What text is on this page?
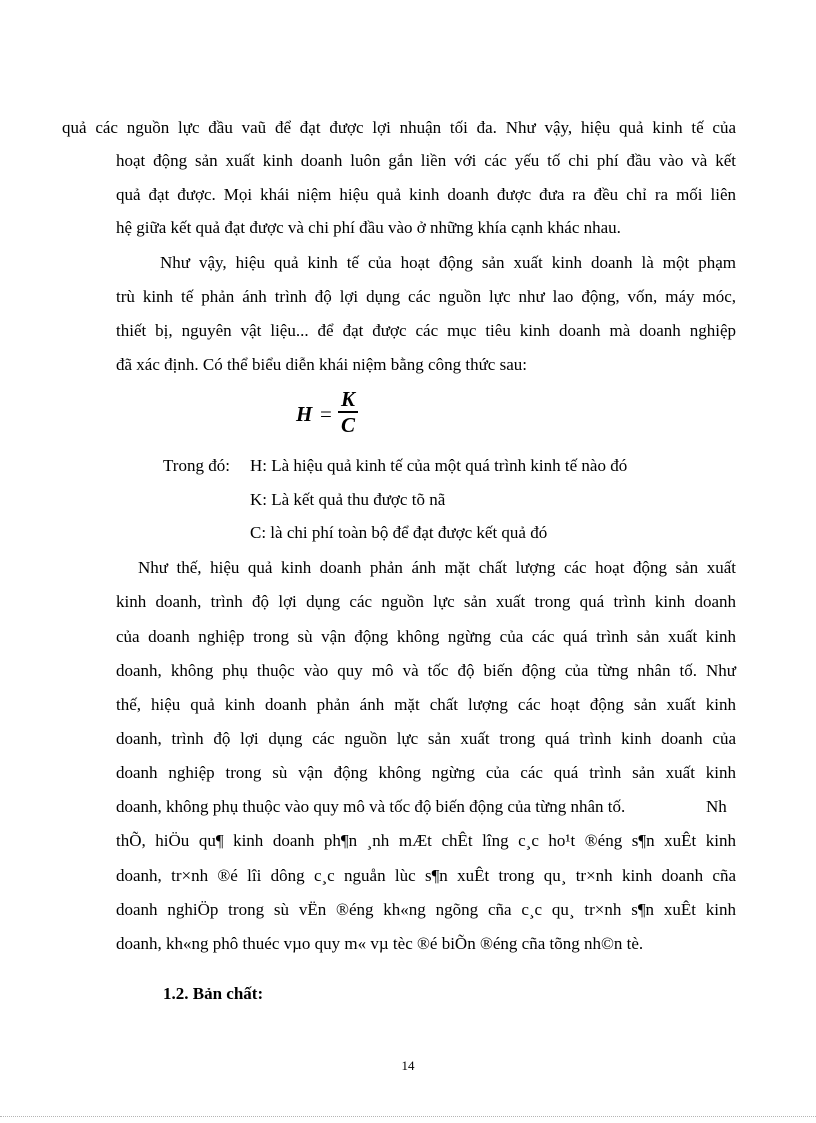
quả các nguồn lực đầu vaũ để đạt được lợi nhuận tối đa. Như vậy, hiệu quả kinh tế của
hoạt động sản xuất kinh doanh luôn gắn liền với các yếu tố chi phí đầu vào và kết
quả đạt được. Mọi khái niệm hiệu quả kinh doanh được đưa ra đều chỉ ra mối liên
hệ giữa kết quả đạt được và chi phí đầu vào ở những khía cạnh khác nhau.
Như vậy, hiệu quả kinh tế của hoạt động sản xuất kinh doanh là một phạm
trù kinh tế phản ánh trình độ lợi dụng các nguồn lực như lao động, vốn, máy móc,
thiết bị, nguyên vật liệu... để đạt được các mục tiêu kinh doanh mà doanh nghiệp
đã xác định. Có thể biểu diễn khái niệm bằng công thức sau:
H =
K
C
Trong đó: H: Là hiệu quả kinh tế của một quá trình kinh tế nào đó
K: Là kết quả thu được tõ nã
C: là chi phí toàn bộ để đạt được kết quả đó
Như thế, hiệu quả kinh doanh phản ánh mặt chất lượng các hoạt động sản xuất
kinh doanh, trình độ lợi dụng các nguồn lực sản xuất trong quá trình kinh doanh
của doanh nghiệp trong sù vận động không ngừng của các quá trình sản xuất kinh
doanh, không phụ thuộc vào quy mô và tốc độ biến động của từng nhân tố. Như
thế, hiệu quả kinh doanh phản ánh mặt chất lượng các hoạt động sản xuất kinh
doanh, trình độ lợi dụng các nguồn lực sản xuất trong quá trình kinh doanh của
doanh nghiệp trong sù vận động không ngừng của các quá trình sản xuất kinh
doanh, không phụ thuộc vào quy mô và tốc độ biến động của từng nhân tố.	Nh
thÕ, hiÖu qu¶ kinh doanh ph¶n ¸nh mÆt chÊt lîng c¸c ho¹t ®éng s¶n xuÊt kinh
doanh, tr×nh ®é lîi dông c¸c nguån lùc s¶n xuÊt trong qu¸ tr×nh kinh doanh cña
doanh nghiÖp trong sù vËn ®éng kh«ng ngõng cña c¸c qu¸ tr×nh s¶n xuÊt kinh
doanh, kh«ng phô thuéc vµo quy m« vµ tèc ®é biÕn ®éng cña tõng nh©n tè.
1.2. Bản chất:
14
